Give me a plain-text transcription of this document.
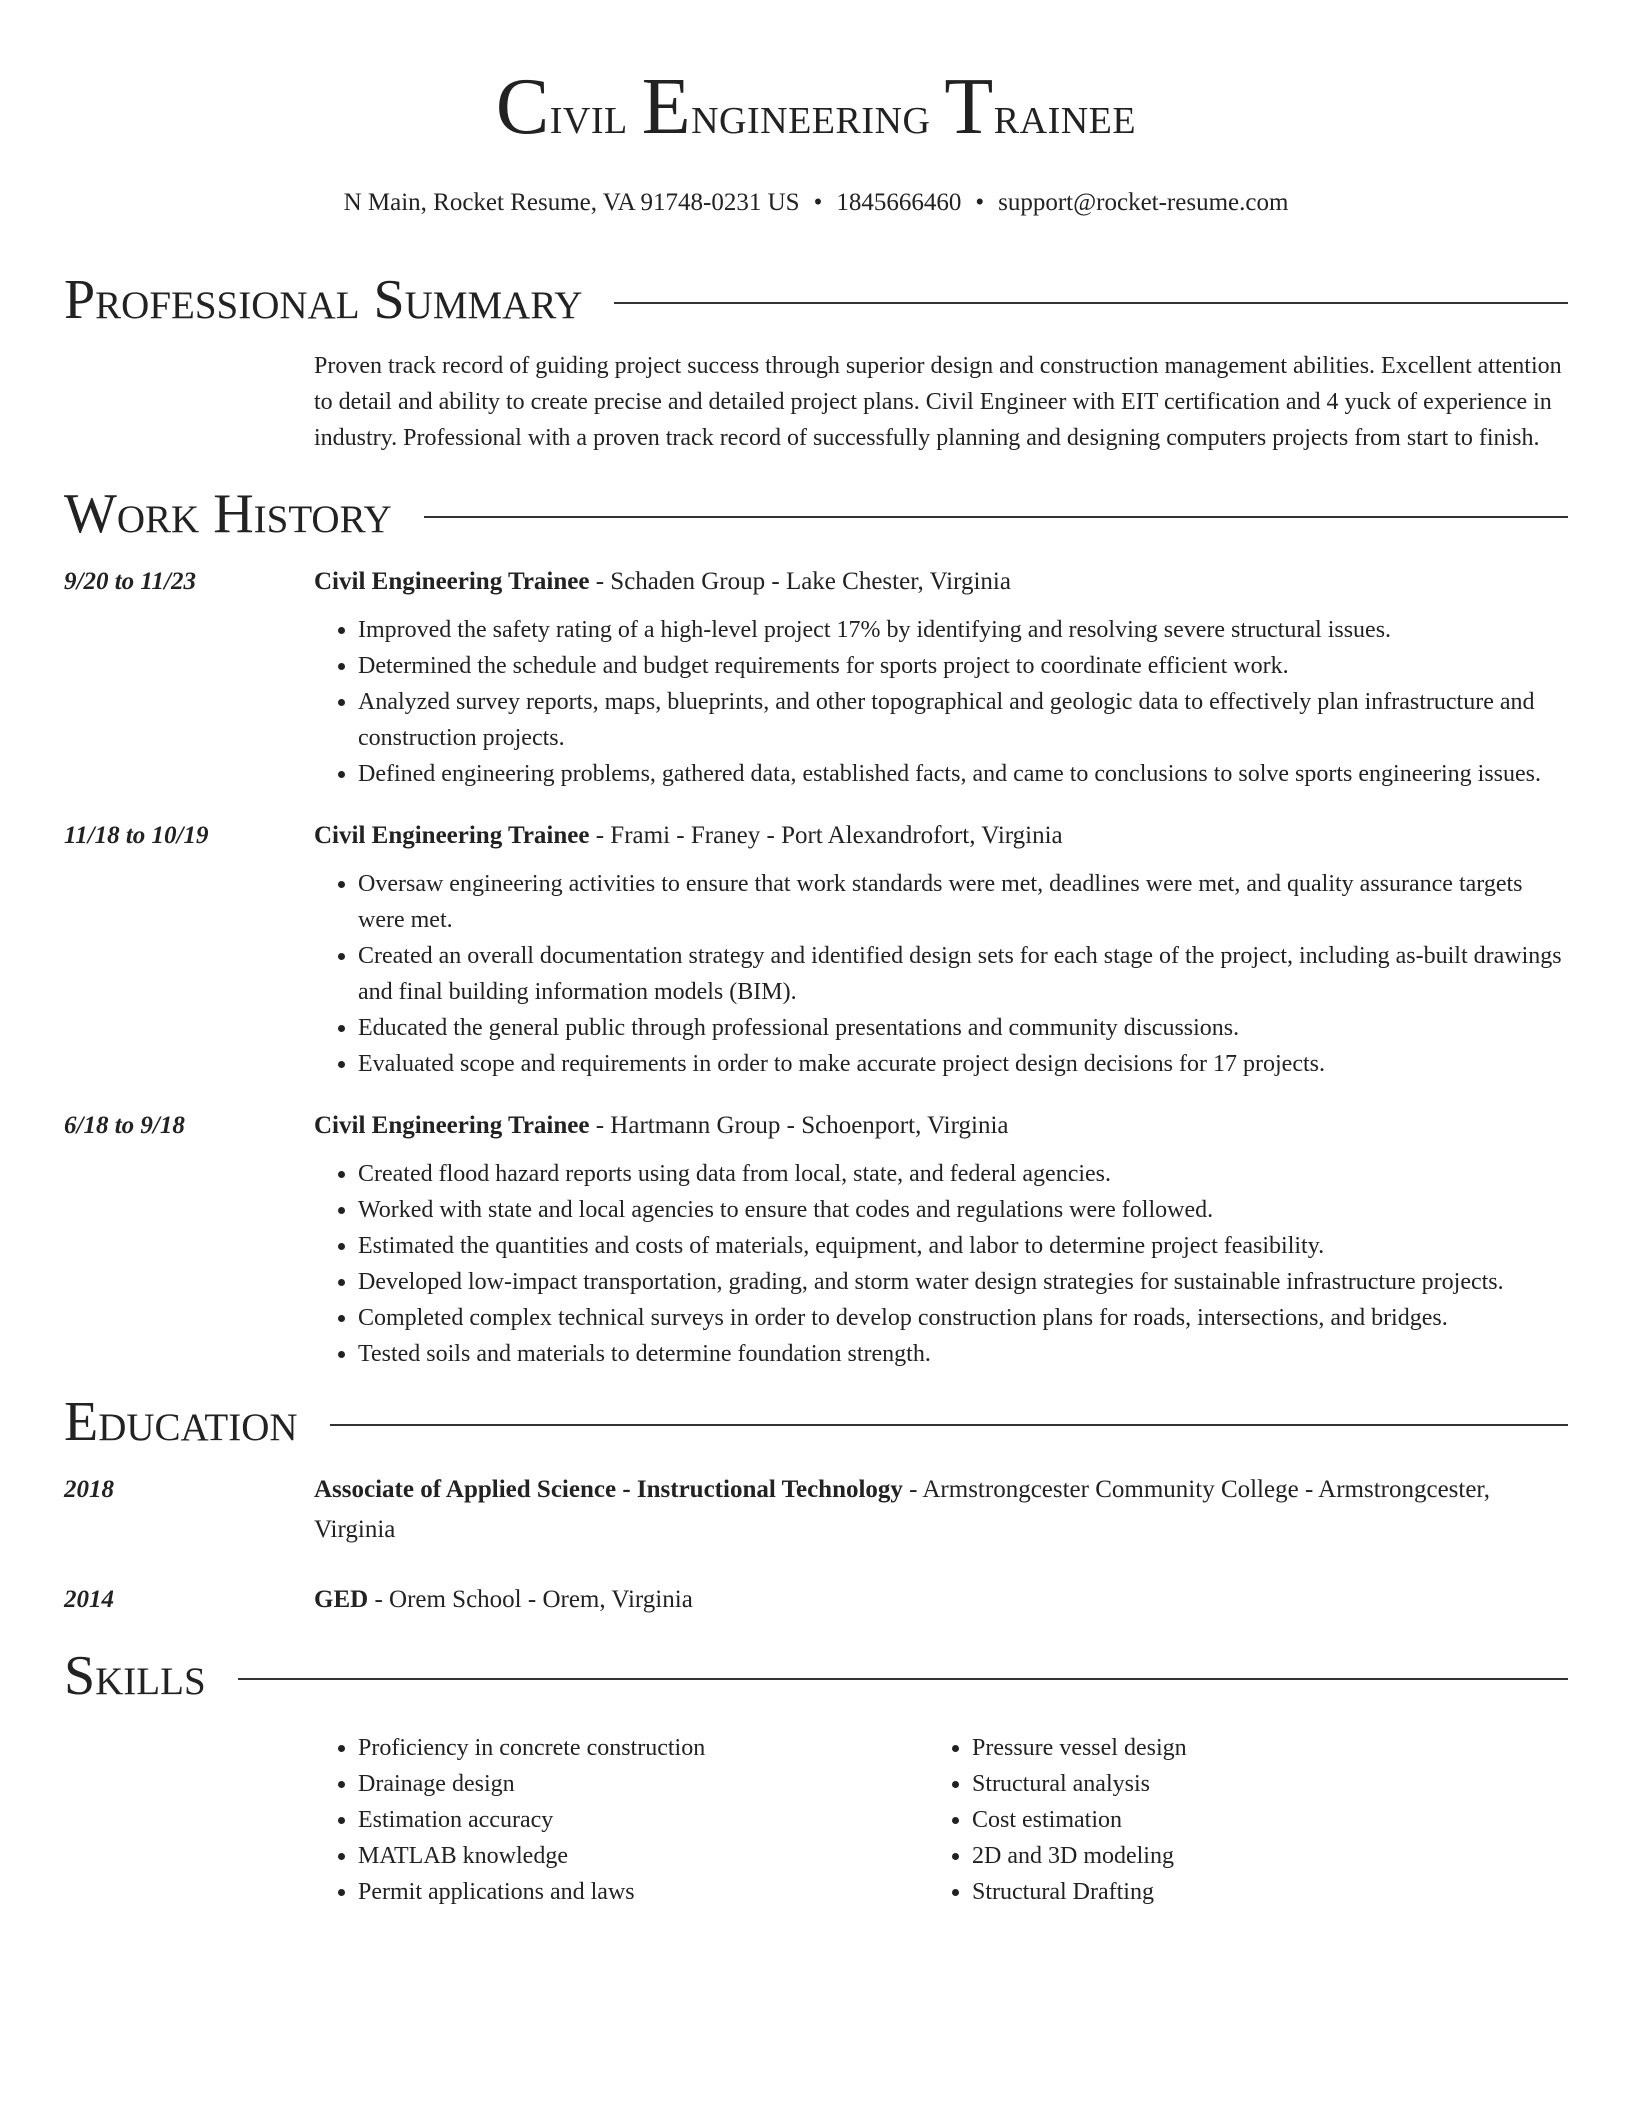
Civil Engineering Trainee
N Main, Rocket Resume, VA 91748-0231 US • 1845666460 • support@rocket-resume.com
Professional Summary
Proven track record of guiding project success through superior design and construction management abilities. Excellent attention to detail and ability to create precise and detailed project plans. Civil Engineer with EIT certification and 4 yuck of experience in industry. Professional with a proven track record of successfully planning and designing computers projects from start to finish.
Work History
9/20 to 11/23	Civil Engineering Trainee - Schaden Group - Lake Chester, Virginia
• Improved the safety rating of a high-level project 17% by identifying and resolving severe structural issues.
• Determined the schedule and budget requirements for sports project to coordinate efficient work.
• Analyzed survey reports, maps, blueprints, and other topographical and geologic data to effectively plan infrastructure and construction projects.
• Defined engineering problems, gathered data, established facts, and came to conclusions to solve sports engineering issues.
11/18 to 10/19	Civil Engineering Trainee - Frami - Franey - Port Alexandrofort, Virginia
• Oversaw engineering activities to ensure that work standards were met, deadlines were met, and quality assurance targets were met.
• Created an overall documentation strategy and identified design sets for each stage of the project, including as-built drawings and final building information models (BIM).
• Educated the general public through professional presentations and community discussions.
• Evaluated scope and requirements in order to make accurate project design decisions for 17 projects.
6/18 to 9/18	Civil Engineering Trainee - Hartmann Group - Schoenport, Virginia
• Created flood hazard reports using data from local, state, and federal agencies.
• Worked with state and local agencies to ensure that codes and regulations were followed.
• Estimated the quantities and costs of materials, equipment, and labor to determine project feasibility.
• Developed low-impact transportation, grading, and storm water design strategies for sustainable infrastructure projects.
• Completed complex technical surveys in order to develop construction plans for roads, intersections, and bridges.
• Tested soils and materials to determine foundation strength.
Education
2018	Associate of Applied Science - Instructional Technology - Armstrongcester Community College - Armstrongcester, Virginia
2014	GED - Orem School - Orem, Virginia
Skills
• Proficiency in concrete construction
• Drainage design
• Estimation accuracy
• MATLAB knowledge
• Permit applications and laws
• Pressure vessel design
• Structural analysis
• Cost estimation
• 2D and 3D modeling
• Structural Drafting
